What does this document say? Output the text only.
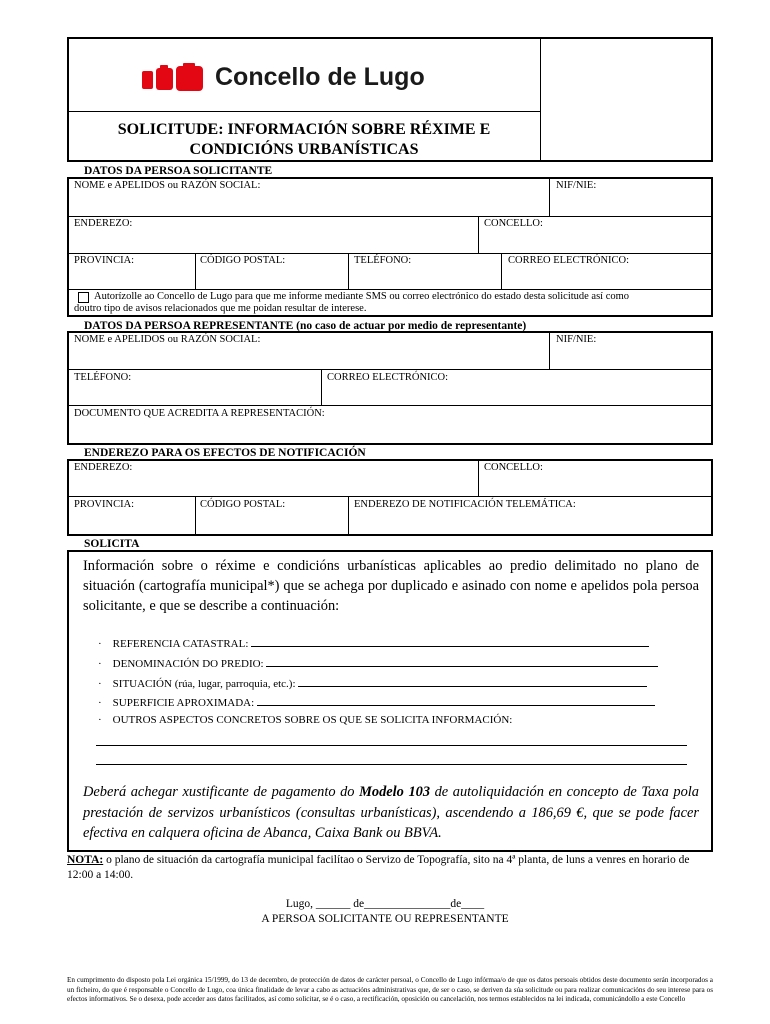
Concello de Lugo
SOLICITUDE: INFORMACIÓN SOBRE RÉXIME E
CONDICIÓNS URBANÍSTICAS
DATOS DA PERSOA SOLICITANTE
NOME e APELIDOS ou RAZÓN SOCIAL:	NIF/NIE:
ENDEREZO:	CONCELLO:
PROVINCIA:	CÓDIGO POSTAL:	TELÉFONO:	CORREO ELECTRÓNICO:
Autorízolle ao Concello de Lugo para que me informe mediante SMS ou correo electrónico do estado desta solicitude así como
doutro tipo de avisos relacionados que me poidan resultar de interese.
DATOS DA PERSOA REPRESENTANTE (no caso de actuar por medio de representante)
NOME e APELIDOS ou RAZÓN SOCIAL:	NIF/NIE:
TELÉFONO:	CORREO ELECTRÓNICO:
DOCUMENTO QUE ACREDITA A REPRESENTACIÓN:
ENDEREZO PARA OS EFECTOS DE NOTIFICACIÓN
ENDEREZO:	CONCELLO:
PROVINCIA:	CÓDIGO POSTAL:	ENDEREZO DE NOTIFICACIÓN TELEMÁTICA:
SOLICITA
Información sobre o réxime e condicións urbanísticas aplicables ao predio delimitado no plano de situación (cartografía municipal*) que se achega por duplicado e asinado con nome e apelidos pola persoa solicitante, e que se describe a continuación:
·    REFERENCIA CATASTRAL:
·    DENOMINACIÓN DO PREDIO:
·    SITUACIÓN (rúa, lugar, parroquia, etc.):
·    SUPERFICIE APROXIMADA:
·    OUTROS ASPECTOS CONCRETOS SOBRE OS QUE SE SOLICITA INFORMACIÓN:
Deberá achegar xustificante de pagamento do Modelo 103 de autoliquidación en concepto de Taxa pola prestación de servizos urbanísticos (consultas urbanísticas), ascendendo a 186,69 €, que se pode facer efectiva en calquera oficina de Abanca, Caixa Bank ou BBVA.
NOTA: o plano de situación da cartografía municipal facilítao o Servizo de Topografía, sito na 4ª planta, de luns a venres en horario de 12:00 a 14:00.
Lugo, ______ de_______________de____
A PERSOA SOLICITANTE OU REPRESENTANTE
En cumprimento do disposto pola Lei orgánica 15/1999, do 13 de decembro, de protección de datos de carácter persoal, o Concello de Lugo infórmaa/o de que os datos persoais obtidos deste documento serán incorporados a un ficheiro, do que é responsable o Concello de Lugo, coa única finalidade de levar a cabo as actuacións administrativas que, de ser o caso, se deriven da súa solicitude ou para realizar comunicacións do seu interese para os efectos informativos. Se o desexa, pode acceder aos datos facilitados, así como solicitar, se é o caso, a rectificación, oposición ou cancelación, nos termos establecidos na lei indicada, comunicándollo a este Concello
